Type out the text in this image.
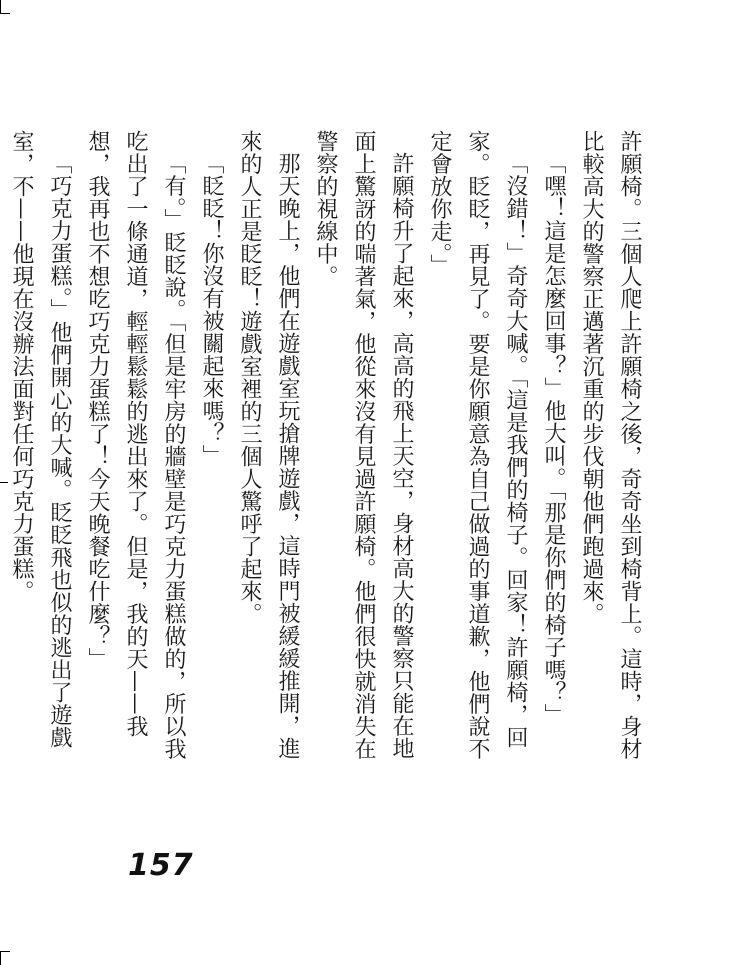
許願椅。三個人爬上許願椅之後，奇奇坐到椅背上。這時，身材比較高大的警察正邁著沉重的步伐朝他們跑過來。

「嘿！這是怎麼回事？」他大叫。「那是你們的椅子嗎？」

「沒錯！」奇奇大喊。「這是我們的椅子。回家！許願椅，回家。眨眨，再見了。要是你願意為自己做過的事道歉，他們說不定會放你走。」

許願椅升了起來，高高的飛上天空，身材高大的警察只能在地面上驚訝的喘著氣，他從來沒有見過許願椅。他們很快就消失在警察的視線中。

那天晚上，他們在遊戲室玩搶牌遊戲，這時門被緩緩推開，進來的人正是眨眨！遊戲室裡的三個人驚呼了起來。

「眨眨！你沒有被關起來嗎？」

「有。」眨眨說。「但是牢房的牆壁是巧克力蛋糕做的，所以我吃出了一條通道，輕輕鬆鬆的逃出來了。但是，我的天——我想，我再也不想吃巧克力蛋糕了！今天晚餐吃什麼？」

「巧克力蛋糕。」他們開心的大喊。眨眨飛也似的逃出了遊戲室，不——他現在沒辦法面對任何巧克力蛋糕。

157
